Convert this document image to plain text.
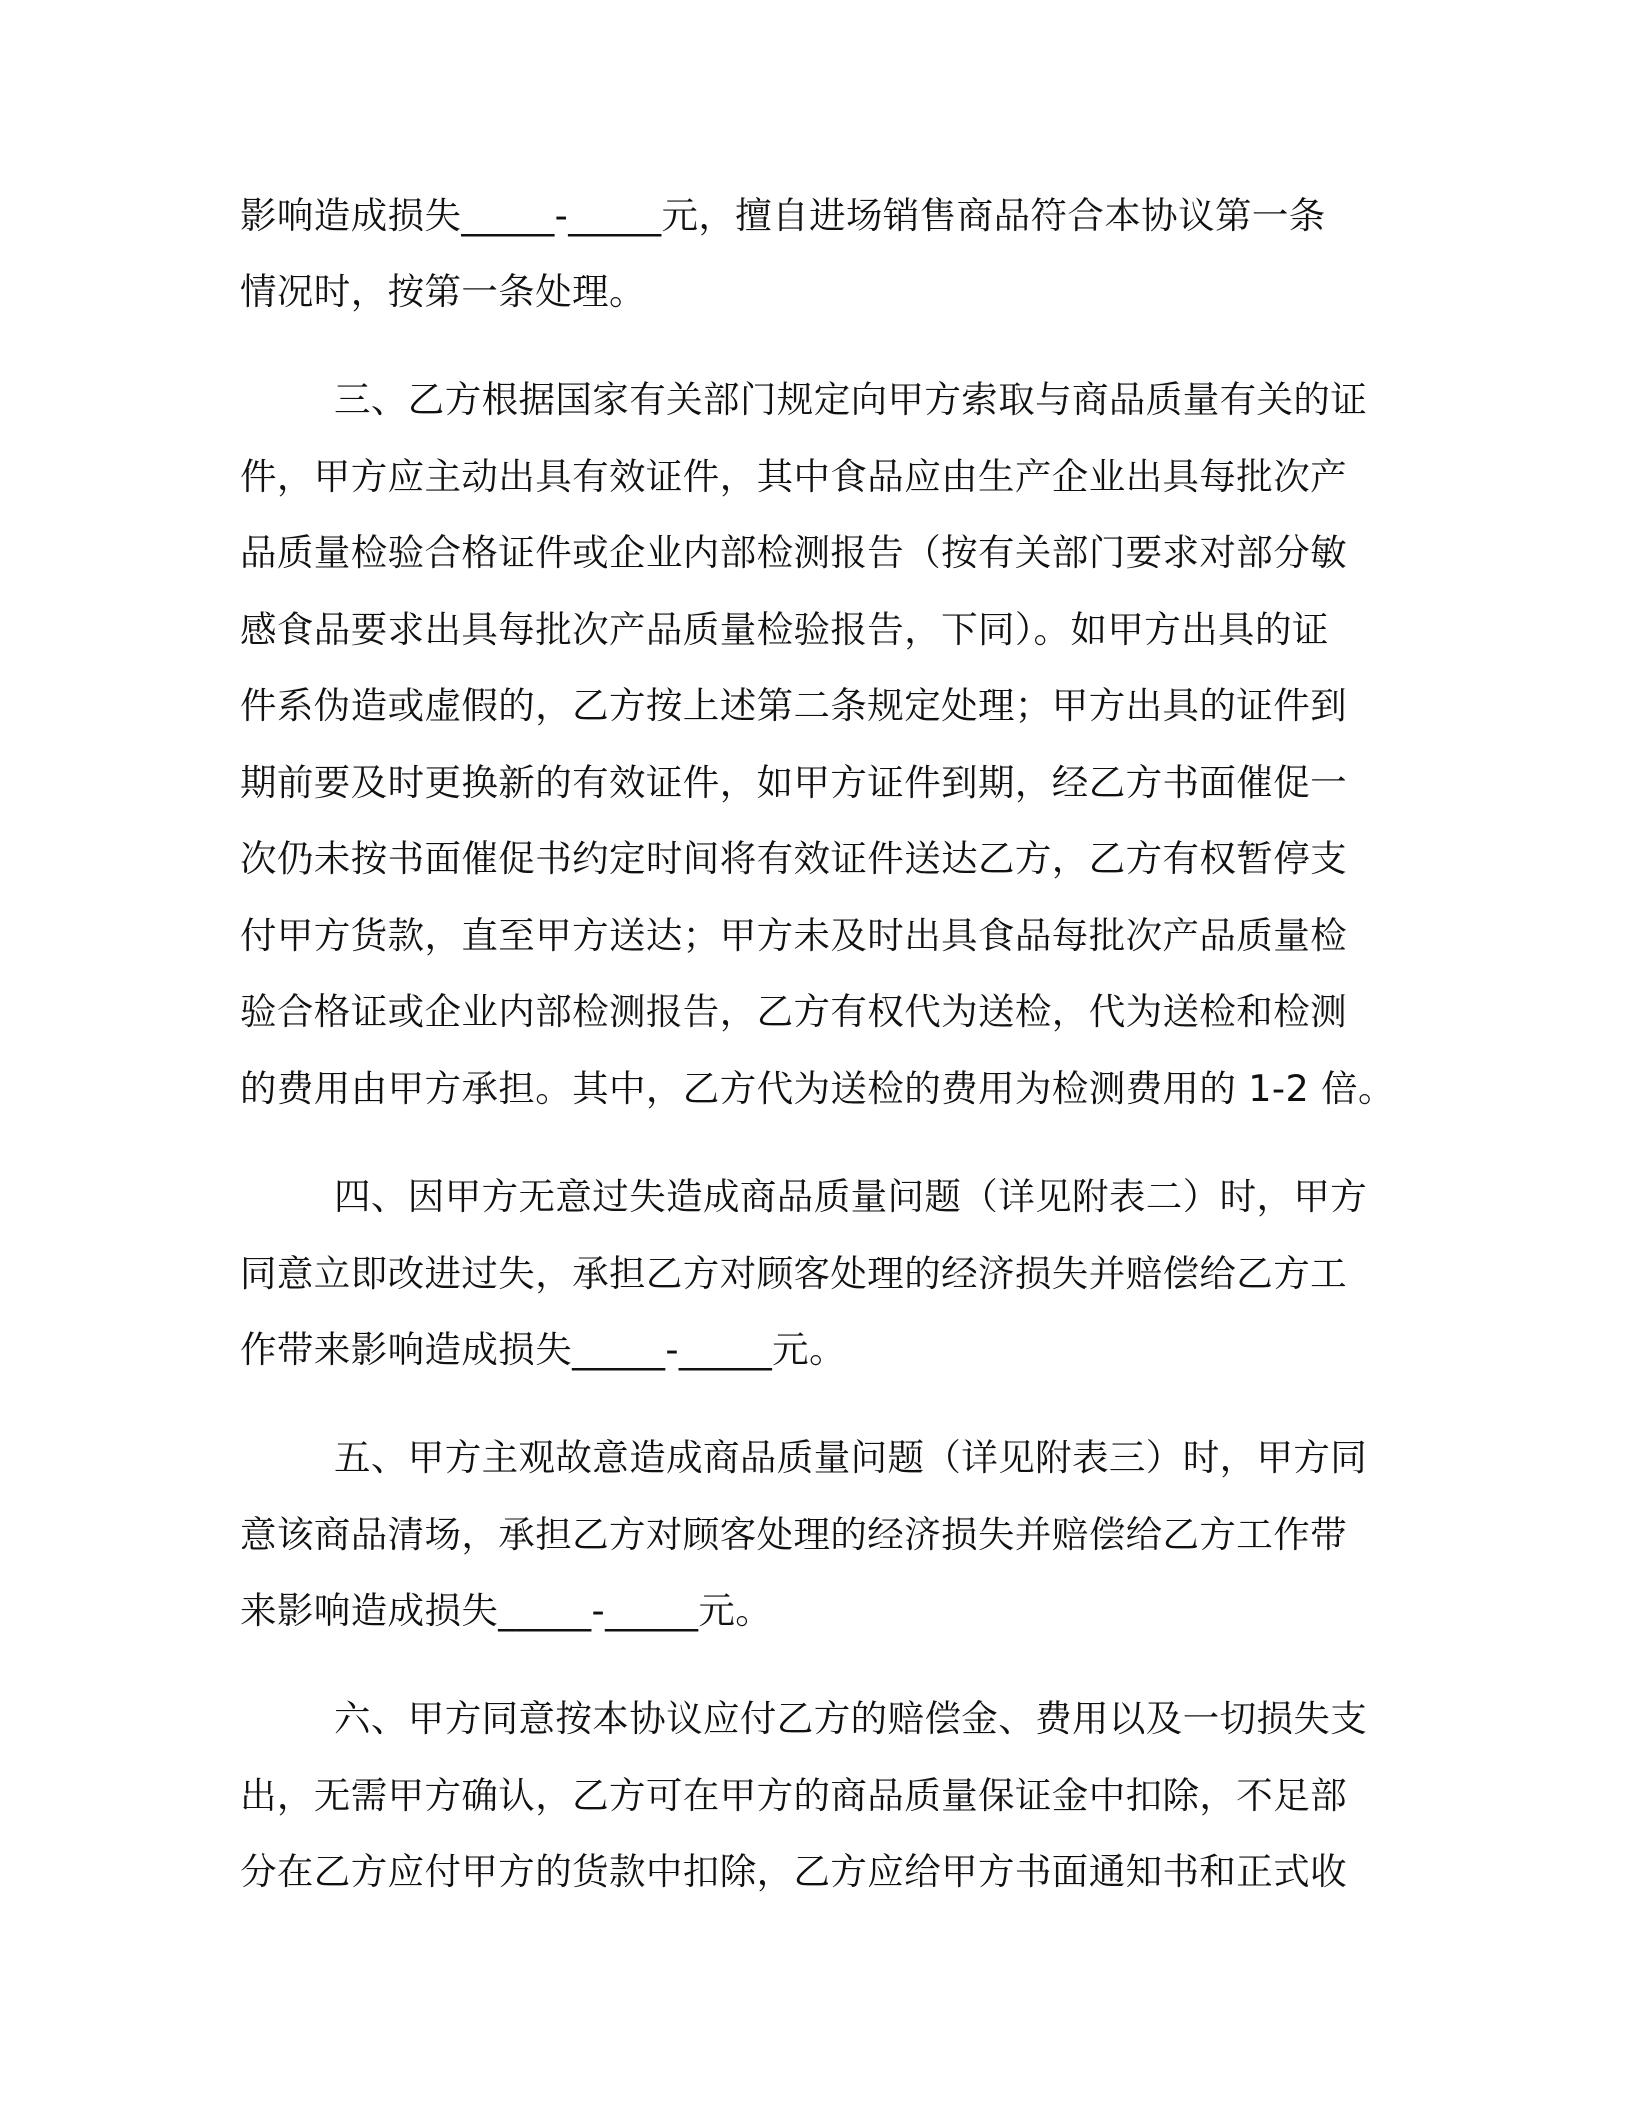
影响造成损失_____-_____元，擅自进场销售商品符合本协议第一条
情况时，按第一条处理。
三、乙方根据国家有关部门规定向甲方索取与商品质量有关的证
件，甲方应主动出具有效证件，其中食品应由生产企业出具每批次产
品质量检验合格证件或企业内部检测报告（按有关部门要求对部分敏
感食品要求出具每批次产品质量检验报告，下同）。如甲方出具的证
件系伪造或虚假的，乙方按上述第二条规定处理；甲方出具的证件到
期前要及时更换新的有效证件，如甲方证件到期，经乙方书面催促一
次仍未按书面催促书约定时间将有效证件送达乙方，乙方有权暂停支
付甲方货款，直至甲方送达；甲方未及时出具食品每批次产品质量检
验合格证或企业内部检测报告，乙方有权代为送检，代为送检和检测
的费用由甲方承担。其中，乙方代为送检的费用为检测费用的 1-2 倍。
四、因甲方无意过失造成商品质量问题（详见附表二）时，甲方
同意立即改进过失，承担乙方对顾客处理的经济损失并赔偿给乙方工
作带来影响造成损失_____-_____元。
五、甲方主观故意造成商品质量问题（详见附表三）时，甲方同
意该商品清场，承担乙方对顾客处理的经济损失并赔偿给乙方工作带
来影响造成损失_____-_____元。
六、甲方同意按本协议应付乙方的赔偿金、费用以及一切损失支
出，无需甲方确认，乙方可在甲方的商品质量保证金中扣除，不足部
分在乙方应付甲方的货款中扣除，乙方应给甲方书面通知书和正式收
